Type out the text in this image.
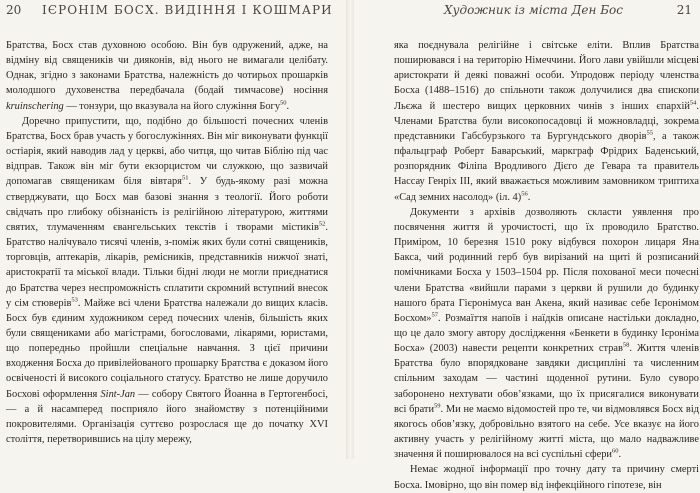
20 ІЄРОНІМ БОСХ. ВИДІННЯ І КОШМАРИ

Братства, Босх став духовною особою. Він був одружений, адже, на відміну від священиків чи дияконів, від нього не вимагали целібату. Однак, згідно з законами Братства, належність до чотирьох прошарків молодшого духовенства передбачала (бодай тимчасове) носіння kruinschering — тонзури, що вказувала на його служіння Богу$^{50}$.

Доречно припустити, що, подібно до більшості почесних членів Братства, Босх брав участь у богослужіннях. Він міг виконувати функції остіарія, який наводив лад у церкві, або читця, що читав Біблію під час відправ. Також він міг бути екзорцистом чи служкою, що зазвичай допомагав священикам біля вівтаря$^{51}$. У будь-якому разі можна стверджувати, що Босх мав базові знання з теології. Його роботи свідчать про глибоку обізнаність із релігійною літературою, життями святих, тлумаченням євангельських текстів і творами містиків$^{52}$. Братство налічувало тисячі членів, з-поміж яких були сотні священиків, торговців, аптекарів, лікарів, ремісників, представників нижчої знаті, аристократії та міської влади. Тільки бідні люди не могли приєднатися до Братства через неспроможність сплатити скромний вступний внесок у сім стюверів$^{53}$. Майже всі члени Братства належали до вищих класів. Босх був єдиним художником серед почесних членів, більшість яких були священиками або магістрами, богословами, лікарями, юристами, що попередньо пройшли спеціальне навчання. З цієї причини входження Босха до привілейованого прошарку Братства є доказом його освіченості й високого соціального статусу. Братство не лише доручило Босхові оформлення Sint-Jan — собору Святого Йоанна в Гертогенбосі,— а й насамперед посприяло його знайомству з потенційними покровителями. Організація суттєво розрослася ще до початку XVI століття, перетворившись на цілу мережу,

Художник із міста Ден Бос	21

яка поєднувала релігійне і світське еліти. Вплив Братства поширювався і на територію Німеччини. Його лави увійшли місцеві аристократи й деякі поважні особи. Упродовж періоду членства Босха (1488–1516) до спільноти також долучилися два єпископи Льєжа й шестеро вищих церковних чинів з інших єпархій$^{54}$. Членами Братства були високопосадовці й можновладці, зокрема представники Габсбурзького та Бургундського дворів$^{55}$, а також пфальцграф Роберт Баварський, маркграф Фрідрих Баденський, розпорядник Філіпа Вродливого Дієго де Гевара та правитель Нассау Генріх III, який вважається можливим замовником триптиха «Сад земних насолод» (іл. 4)$^{56}$.

Документи з архівів дозволяють скласти уявлення про посвячення життя й урочистості, що їх проводило Братство. Приміром, 10 березня 1510 року відбувся похорон лицаря Яна Бакса, чий родинний герб був вирізаний на щиті й розписаний помічниками Босха у 1503–1504 рр. Після похованої меси почесні члени Братства «вийшли парами з церкви й рушили до будинку нашого брата Гієронімуса ван Акена, який називає себе Ієронімом Босхом»$^{57}$. Розмаїття напоїв і наїдків описане настільки докладно, що це дало змогу автору дослідження «Бенкети в будинку Ієроніма Босха» (2003) навести рецепти конкретних страв$^{58}$. Життя членів Братства було впорядковане завдяки дисципліні та численним спільним заходам — частині щоденної рутини. Було суворо заборонено нехтувати обов’язками, що їх присягалися виконувати всі брати$^{59}$. Ми не маємо відомостей про те, чи відмовлявся Босх від якогось обов’язку, добровільно взятого на себе. Усе вказує на його активну участь у релігійному житті міста, що мало надважливе значення й поширювалося на всі суспільні сфери$^{60}$.

Немає жодної інформації про точну дату та причину смерті Босха. Імовірно, що він помер від інфекційного гіпотезе, він
